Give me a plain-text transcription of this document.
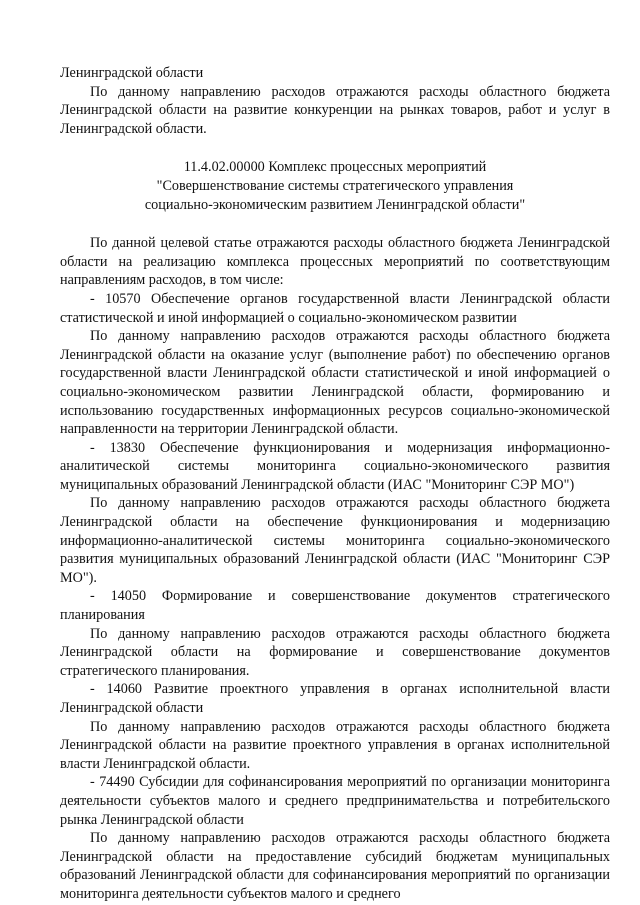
Ленинградской области

По данному направлению расходов отражаются расходы областного бюджета Ленинградской области на развитие конкуренции на рынках товаров, работ и услуг в Ленинградской области.

11.4.02.00000 Комплекс процессных мероприятий
"Совершенствование системы стратегического управления
социально-экономическим развитием Ленинградской области"

По данной целевой статье отражаются расходы областного бюджета Ленинградской области на реализацию комплекса процессных мероприятий по соответствующим направлениям расходов, в том числе:

- 10570 Обеспечение органов государственной власти Ленинградской области статистической и иной информацией о социально-экономическом развитии

По данному направлению расходов отражаются расходы областного бюджета Ленинградской области на оказание услуг (выполнение работ) по обеспечению органов государственной власти Ленинградской области статистической и иной информацией о социально-экономическом развитии Ленинградской области, формированию и использованию государственных информационных ресурсов социально-экономической направленности на территории Ленинградской области.

- 13830 Обеспечение функционирования и модернизация информационно-аналитической системы мониторинга социально-экономического развития муниципальных образований Ленинградской области (ИАС "Мониторинг СЭР МО")

По данному направлению расходов отражаются расходы областного бюджета Ленинградской области на обеспечение функционирования и модернизацию информационно-аналитической системы мониторинга социально-экономического развития муниципальных образований Ленинградской области (ИАС "Мониторинг СЭР МО").

- 14050 Формирование и совершенствование документов стратегического планирования

По данному направлению расходов отражаются расходы областного бюджета Ленинградской области на формирование и совершенствование документов стратегического планирования.

- 14060 Развитие проектного управления в органах исполнительной власти Ленинградской области

По данному направлению расходов отражаются расходы областного бюджета Ленинградской области на развитие проектного управления в органах исполнительной власти Ленинградской области.

- 74490 Субсидии для софинансирования мероприятий по организации мониторинга деятельности субъектов малого и среднего предпринимательства и потребительского рынка Ленинградской области

По данному направлению расходов отражаются расходы областного бюджета Ленинградской области на предоставление субсидий бюджетам муниципальных образований Ленинградской области для софинансирования мероприятий по организации мониторинга деятельности субъектов малого и среднего
